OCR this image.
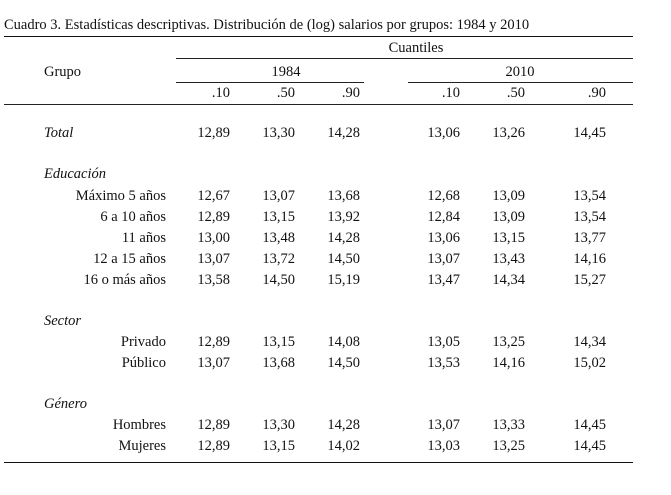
Cuadro 3. Estadísticas descriptivas. Distribución de (log) salarios por grupos: 1984 y 2010
Cuantiles
Grupo	1984	2010
.10	.50	.90	.10	.50	.90
Total	12,89	13,30	14,28	13,06	13,26	14,45
Educación
Máximo 5 años	12,67	13,07	13,68	12,68	13,09	13,54
6 a 10 años	12,89	13,15	13,92	12,84	13,09	13,54
11 años	13,00	13,48	14,28	13,06	13,15	13,77
12 a 15 años	13,07	13,72	14,50	13,07	13,43	14,16
16 o más años	13,58	14,50	15,19	13,47	14,34	15,27
Sector
Privado	12,89	13,15	14,08	13,05	13,25	14,34
Público	13,07	13,68	14,50	13,53	14,16	15,02
Género
Hombres	12,89	13,30	14,28	13,07	13,33	14,45
Mujeres	12,89	13,15	14,02	13,03	13,25	14,45
